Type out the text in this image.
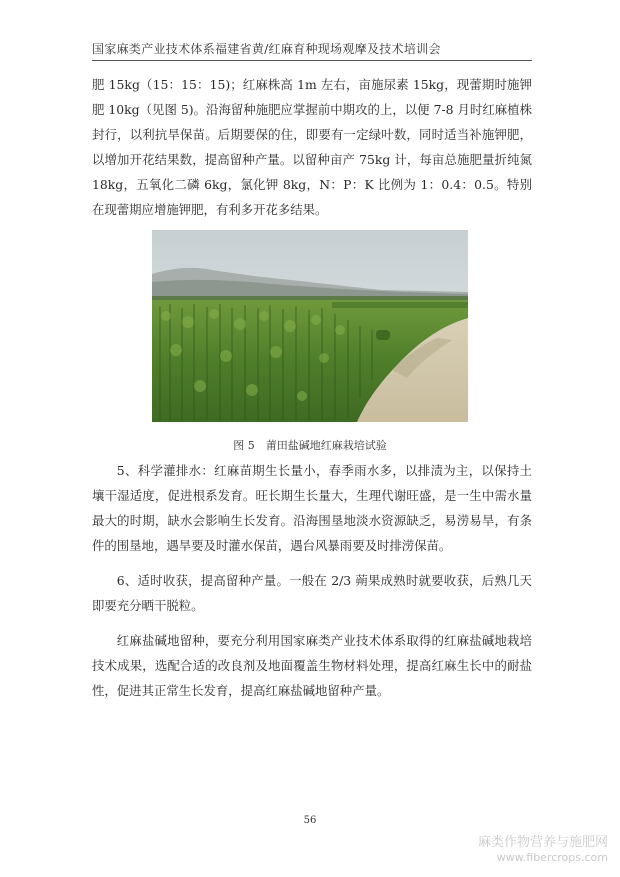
国家麻类产业技术体系福建省黄/红麻育种现场观摩及技术培训会

肥 15kg（15：15：15)；红麻株高 1m 左右，亩施尿素 15kg，现蕾期时施钾肥 10kg（见图 5)。沿海留种施肥应掌握前中期攻的上，以便 7-8 月时红麻植株封行，以利抗旱保苗。后期要保的住，即要有一定绿叶数，同时适当补施钾肥，以增加开花结果数，提高留种产量。以留种亩产 75kg 计，每亩总施肥量折纯氮 18kg，五氧化二磷 6kg，氯化钾 8kg，N：P：K 比例为 1：0.4：0.5。特别在现蕾期应增施钾肥，有利多开花多结果。

图 5　莆田盐碱地红麻栽培试验

5、科学灌排水：红麻苗期生长量小，春季雨水多，以排渍为主，以保持土壤干湿适度，促进根系发育。旺长期生长量大，生理代谢旺盛，是一生中需水量最大的时期，缺水会影响生长发育。沿海围垦地淡水资源缺乏，易涝易旱，有条件的围垦地，遇旱要及时灌水保苗，遇台风暴雨要及时排涝保苗。

6、适时收获，提高留种产量。一般在 2/3 蒴果成熟时就要收获，后熟几天即要充分晒干脱粒。

红麻盐碱地留种，要充分利用国家麻类产业技术体系取得的红麻盐碱地栽培技术成果，选配合适的改良剂及地面覆盖生物材料处理，提高红麻生长中的耐盐性，促进其正常生长发育，提高红麻盐碱地留种产量。

56
麻类作物营养与施肥网
www.fibercrops.com
